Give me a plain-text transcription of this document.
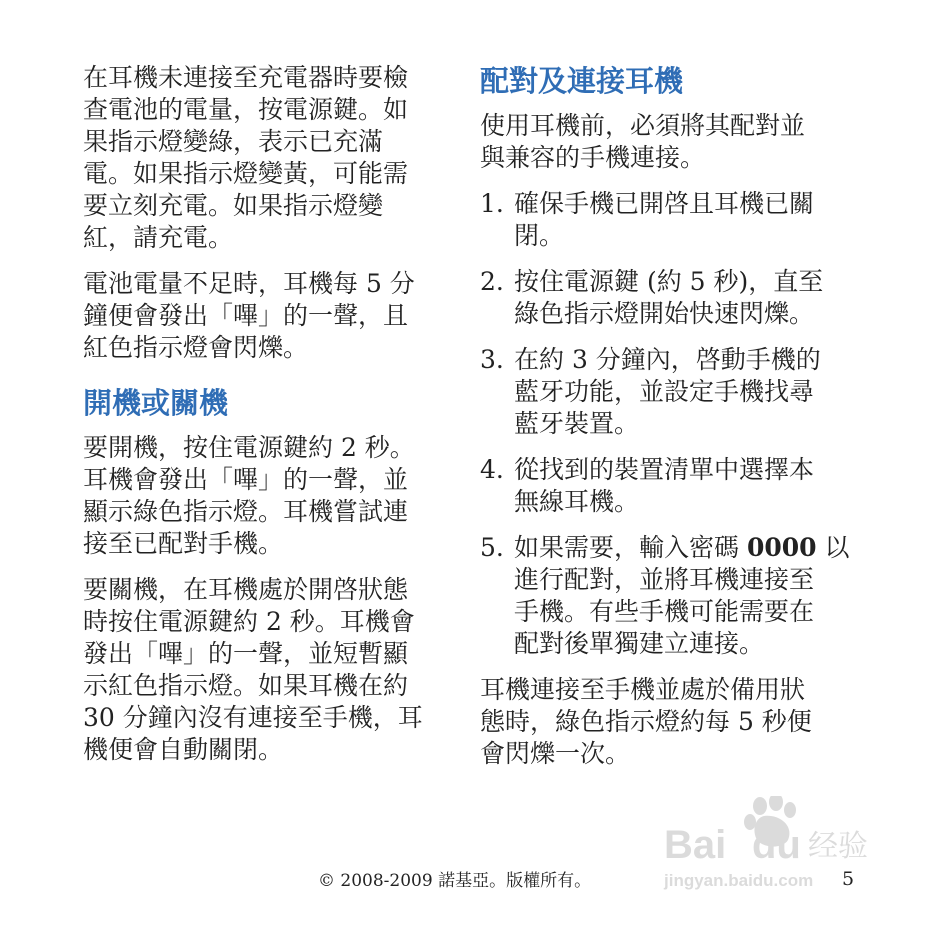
在耳機未連接至充電器時要檢
查電池的電量，按電源鍵。如
果指示燈變綠，表示已充滿
電。如果指示燈變黃，可能需
要立刻充電。如果指示燈變
紅，請充電。

電池電量不足時，耳機每 5 分
鐘便會發出「嗶」的一聲，且
紅色指示燈會閃爍。

開機或關機

要開機，按住電源鍵約 2 秒。
耳機會發出「嗶」的一聲，並
顯示綠色指示燈。耳機嘗試連
接至已配對手機。

要關機，在耳機處於開啓狀態
時按住電源鍵約 2 秒。耳機會
發出「嗶」的一聲，並短暫顯
示紅色指示燈。如果耳機在約
30 分鐘內沒有連接至手機，耳
機便會自動關閉。

配對及連接耳機

使用耳機前，必須將其配對並
與兼容的手機連接。

1. 確保手機已開啓且耳機已關
閉。
2. 按住電源鍵 (約 5 秒)，直至
綠色指示燈開始快速閃爍。
3. 在約 3 分鐘內，啓動手機的
藍牙功能，並設定手機找尋
藍牙裝置。
4. 從找到的裝置清單中選擇本
無線耳機。
5. 如果需要，輸入密碼 0000 以
進行配對，並將耳機連接至
手機。有些手機可能需要在
配對後單獨建立連接。

耳機連接至手機並處於備用狀
態時，綠色指示燈約每 5 秒便
會閃爍一次。

Bai du 经验
jingyan.baidu.com
© 2008-2009 諾基亞。版權所有。	5
